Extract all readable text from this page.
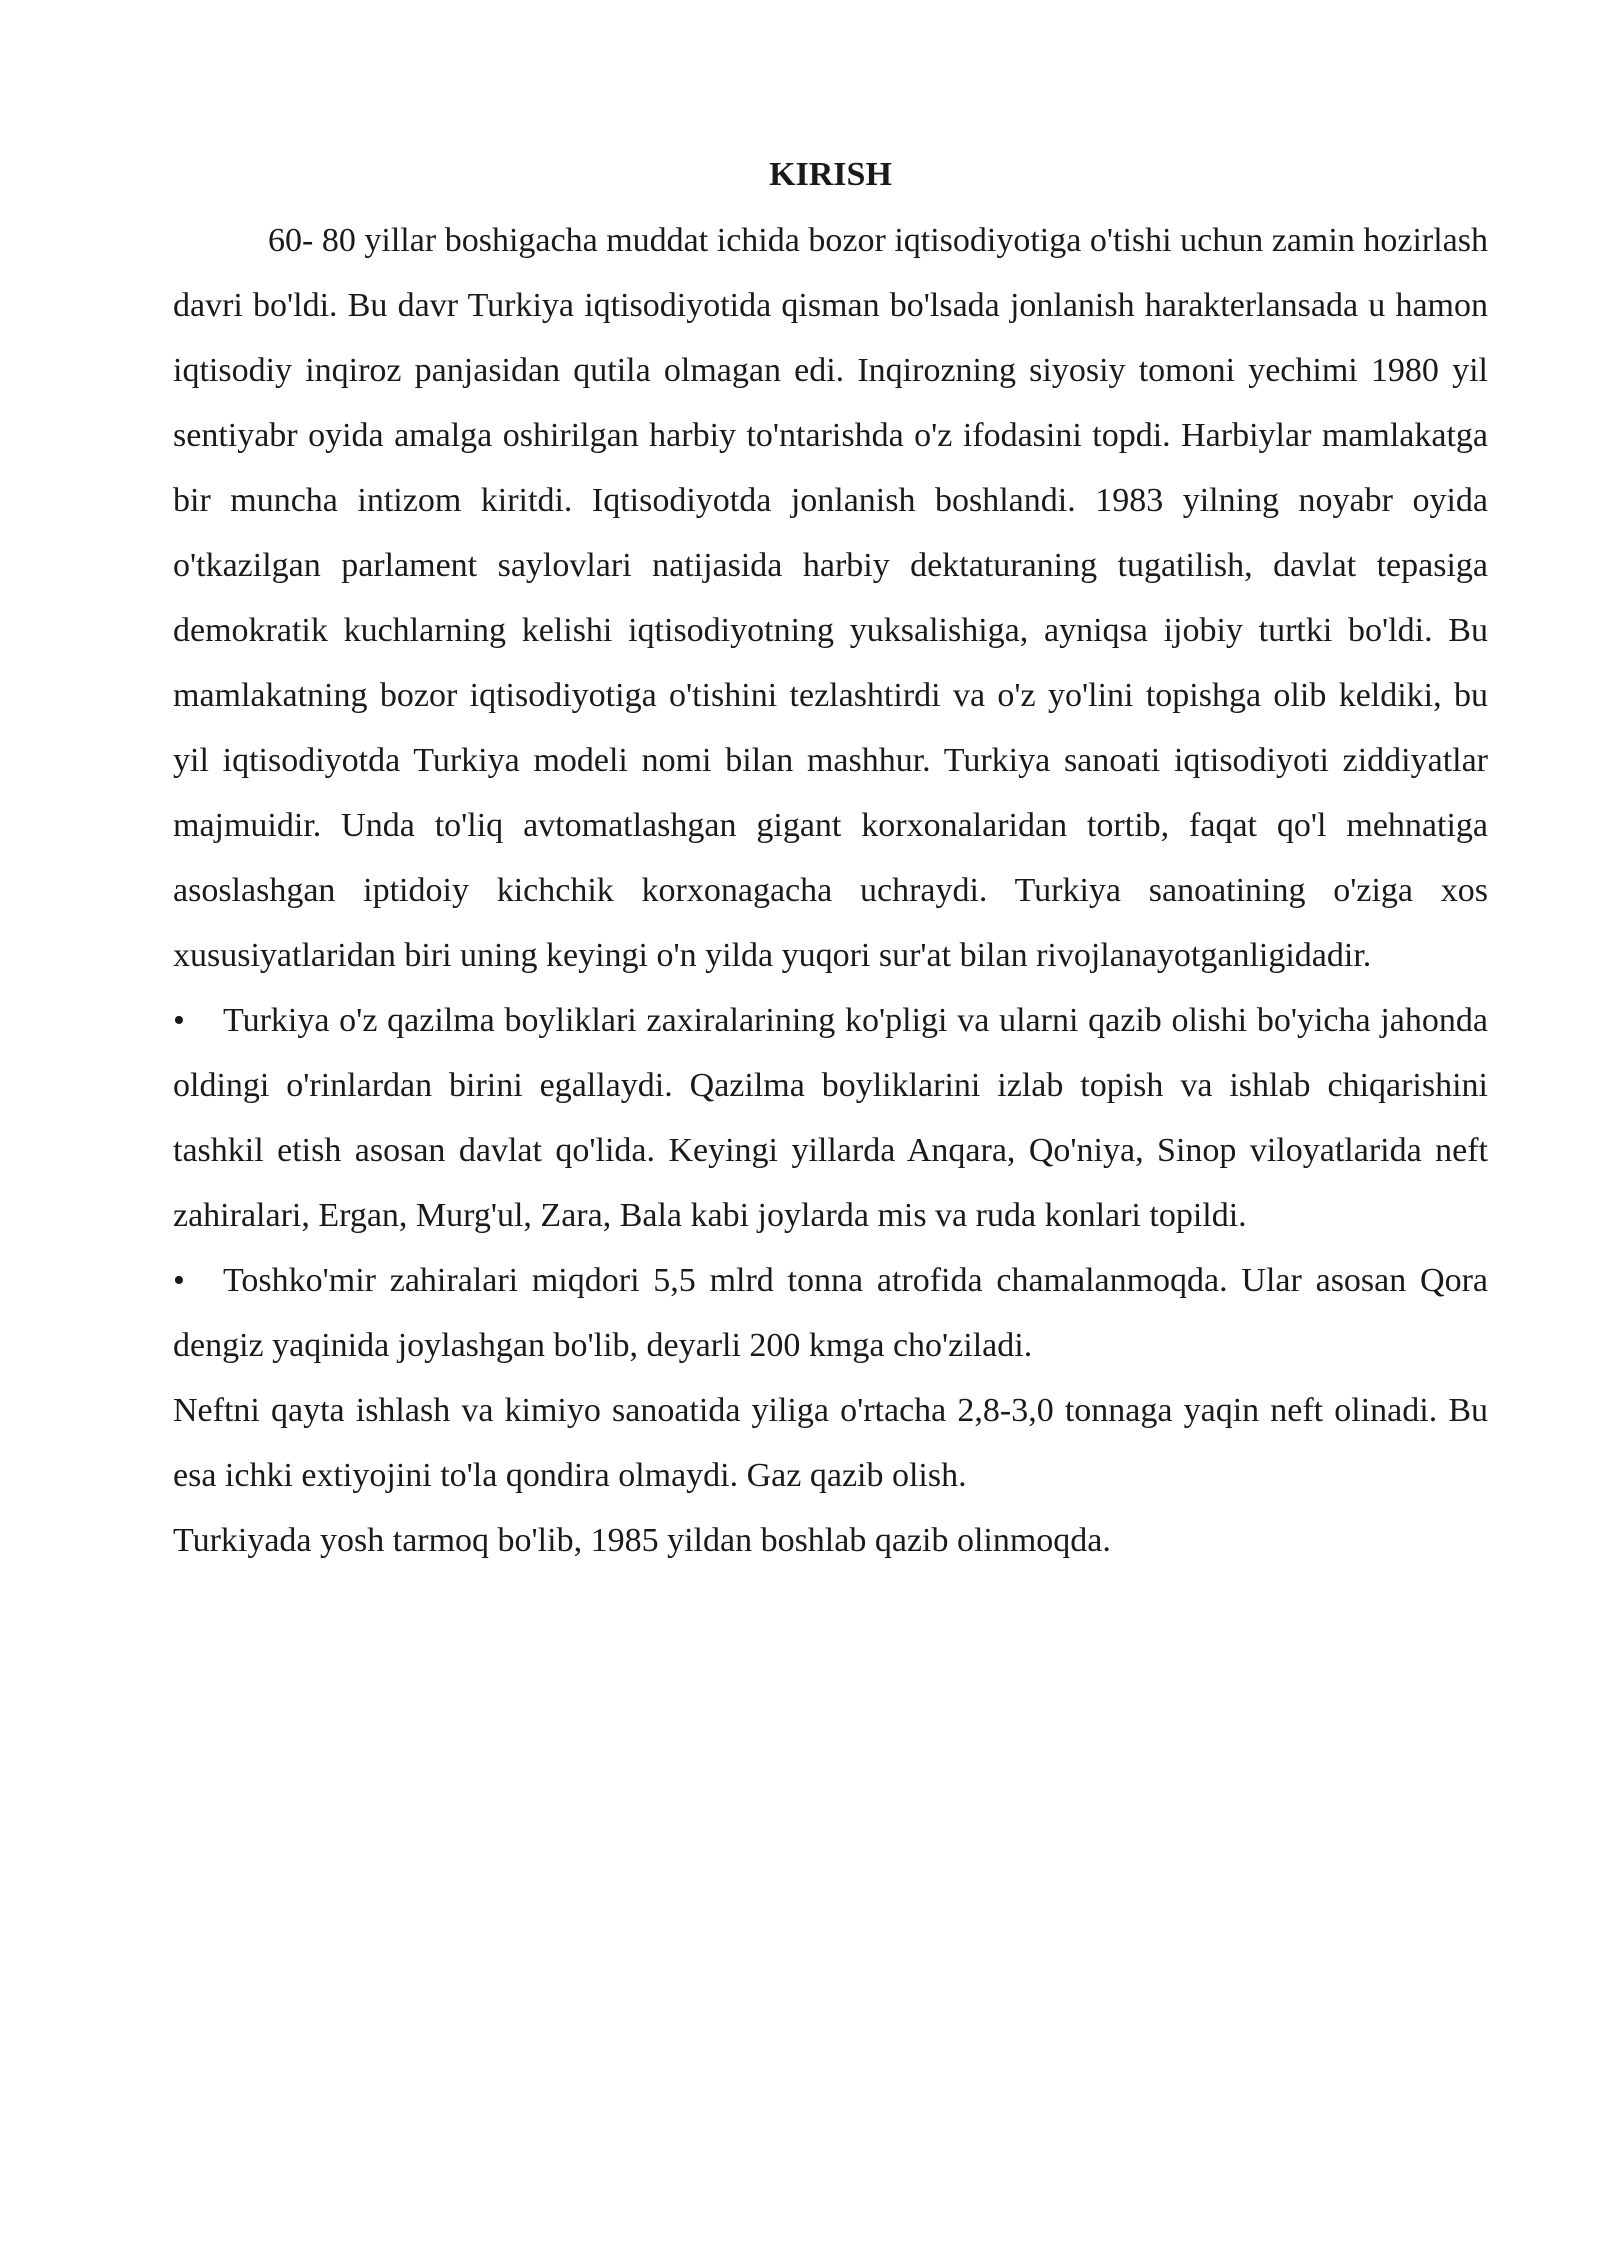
KIRISH

60- 80 yillar boshigacha muddat ichida bozor iqtisodiyotiga o'tishi uchun zamin hozirlash davri bo'ldi. Bu davr Turkiya iqtisodiyotida qisman bo'lsada jonlanish harakterlansada u hamon iqtisodiy inqiroz panjasidan qutila olmagan edi. Inqirozning siyosiy tomoni yechimi 1980 yil sentiyabr oyida amalga oshirilgan harbiy to'ntarishda o'z ifodasini topdi. Harbiylar mamlakatga bir muncha intizom kiritdi. Iqtisodiyotda jonlanish boshlandi. 1983 yilning noyabr oyida o'tkazilgan parlament saylovlari natijasida harbiy dektaturaning tugatilish, davlat tepasiga demokratik kuchlarning kelishi iqtisodiyotning yuksalishiga, ayniqsa ijobiy turtki bo'ldi. Bu mamlakatning bozor iqtisodiyotiga o'tishini tezlashtirdi va o'z yo'lini topishga olib keldiki, bu yil iqtisodiyotda Turkiya modeli nomi bilan mashhur. Turkiya sanoati iqtisodiyoti ziddiyatlar majmuidir. Unda to'liq avtomatlashgan gigant korxonalaridan tortib, faqat qo'l mehnatiga asoslashgan iptidoiy kichchik korxonagacha uchraydi. Turkiya sanoatining o'ziga xos xususiyatlaridan biri uning keyingi o'n yilda yuqori sur'at bilan rivojlanayotganligidadir.

• Turkiya o'z qazilma boyliklari zaxiralarining ko'pligi va ularni qazib olishi bo'yicha jahonda oldingi o'rinlardan birini egallaydi. Qazilma boyliklarini izlab topish va ishlab chiqarishini tashkil etish asosan davlat qo'lida. Keyingi yillarda Anqara, Qo'niya, Sinop viloyatlarida neft zahiralari, Ergan, Murg'ul, Zara, Bala kabi joylarda mis va ruda konlari topildi.

• Toshko'mir zahiralari miqdori 5,5 mlrd tonna atrofida chamalanmoqda. Ular asosan Qora dengiz yaqinida joylashgan bo'lib, deyarli 200 kmga cho'ziladi.

Neftni qayta ishlash va kimiyo sanoatida yiliga o'rtacha 2,8-3,0 tonnaga yaqin neft olinadi. Bu esa ichki extiyojini to'la qondira olmaydi. Gaz qazib olish.

Turkiyada yosh tarmoq bo'lib, 1985 yildan boshlab qazib olinmoqda.
